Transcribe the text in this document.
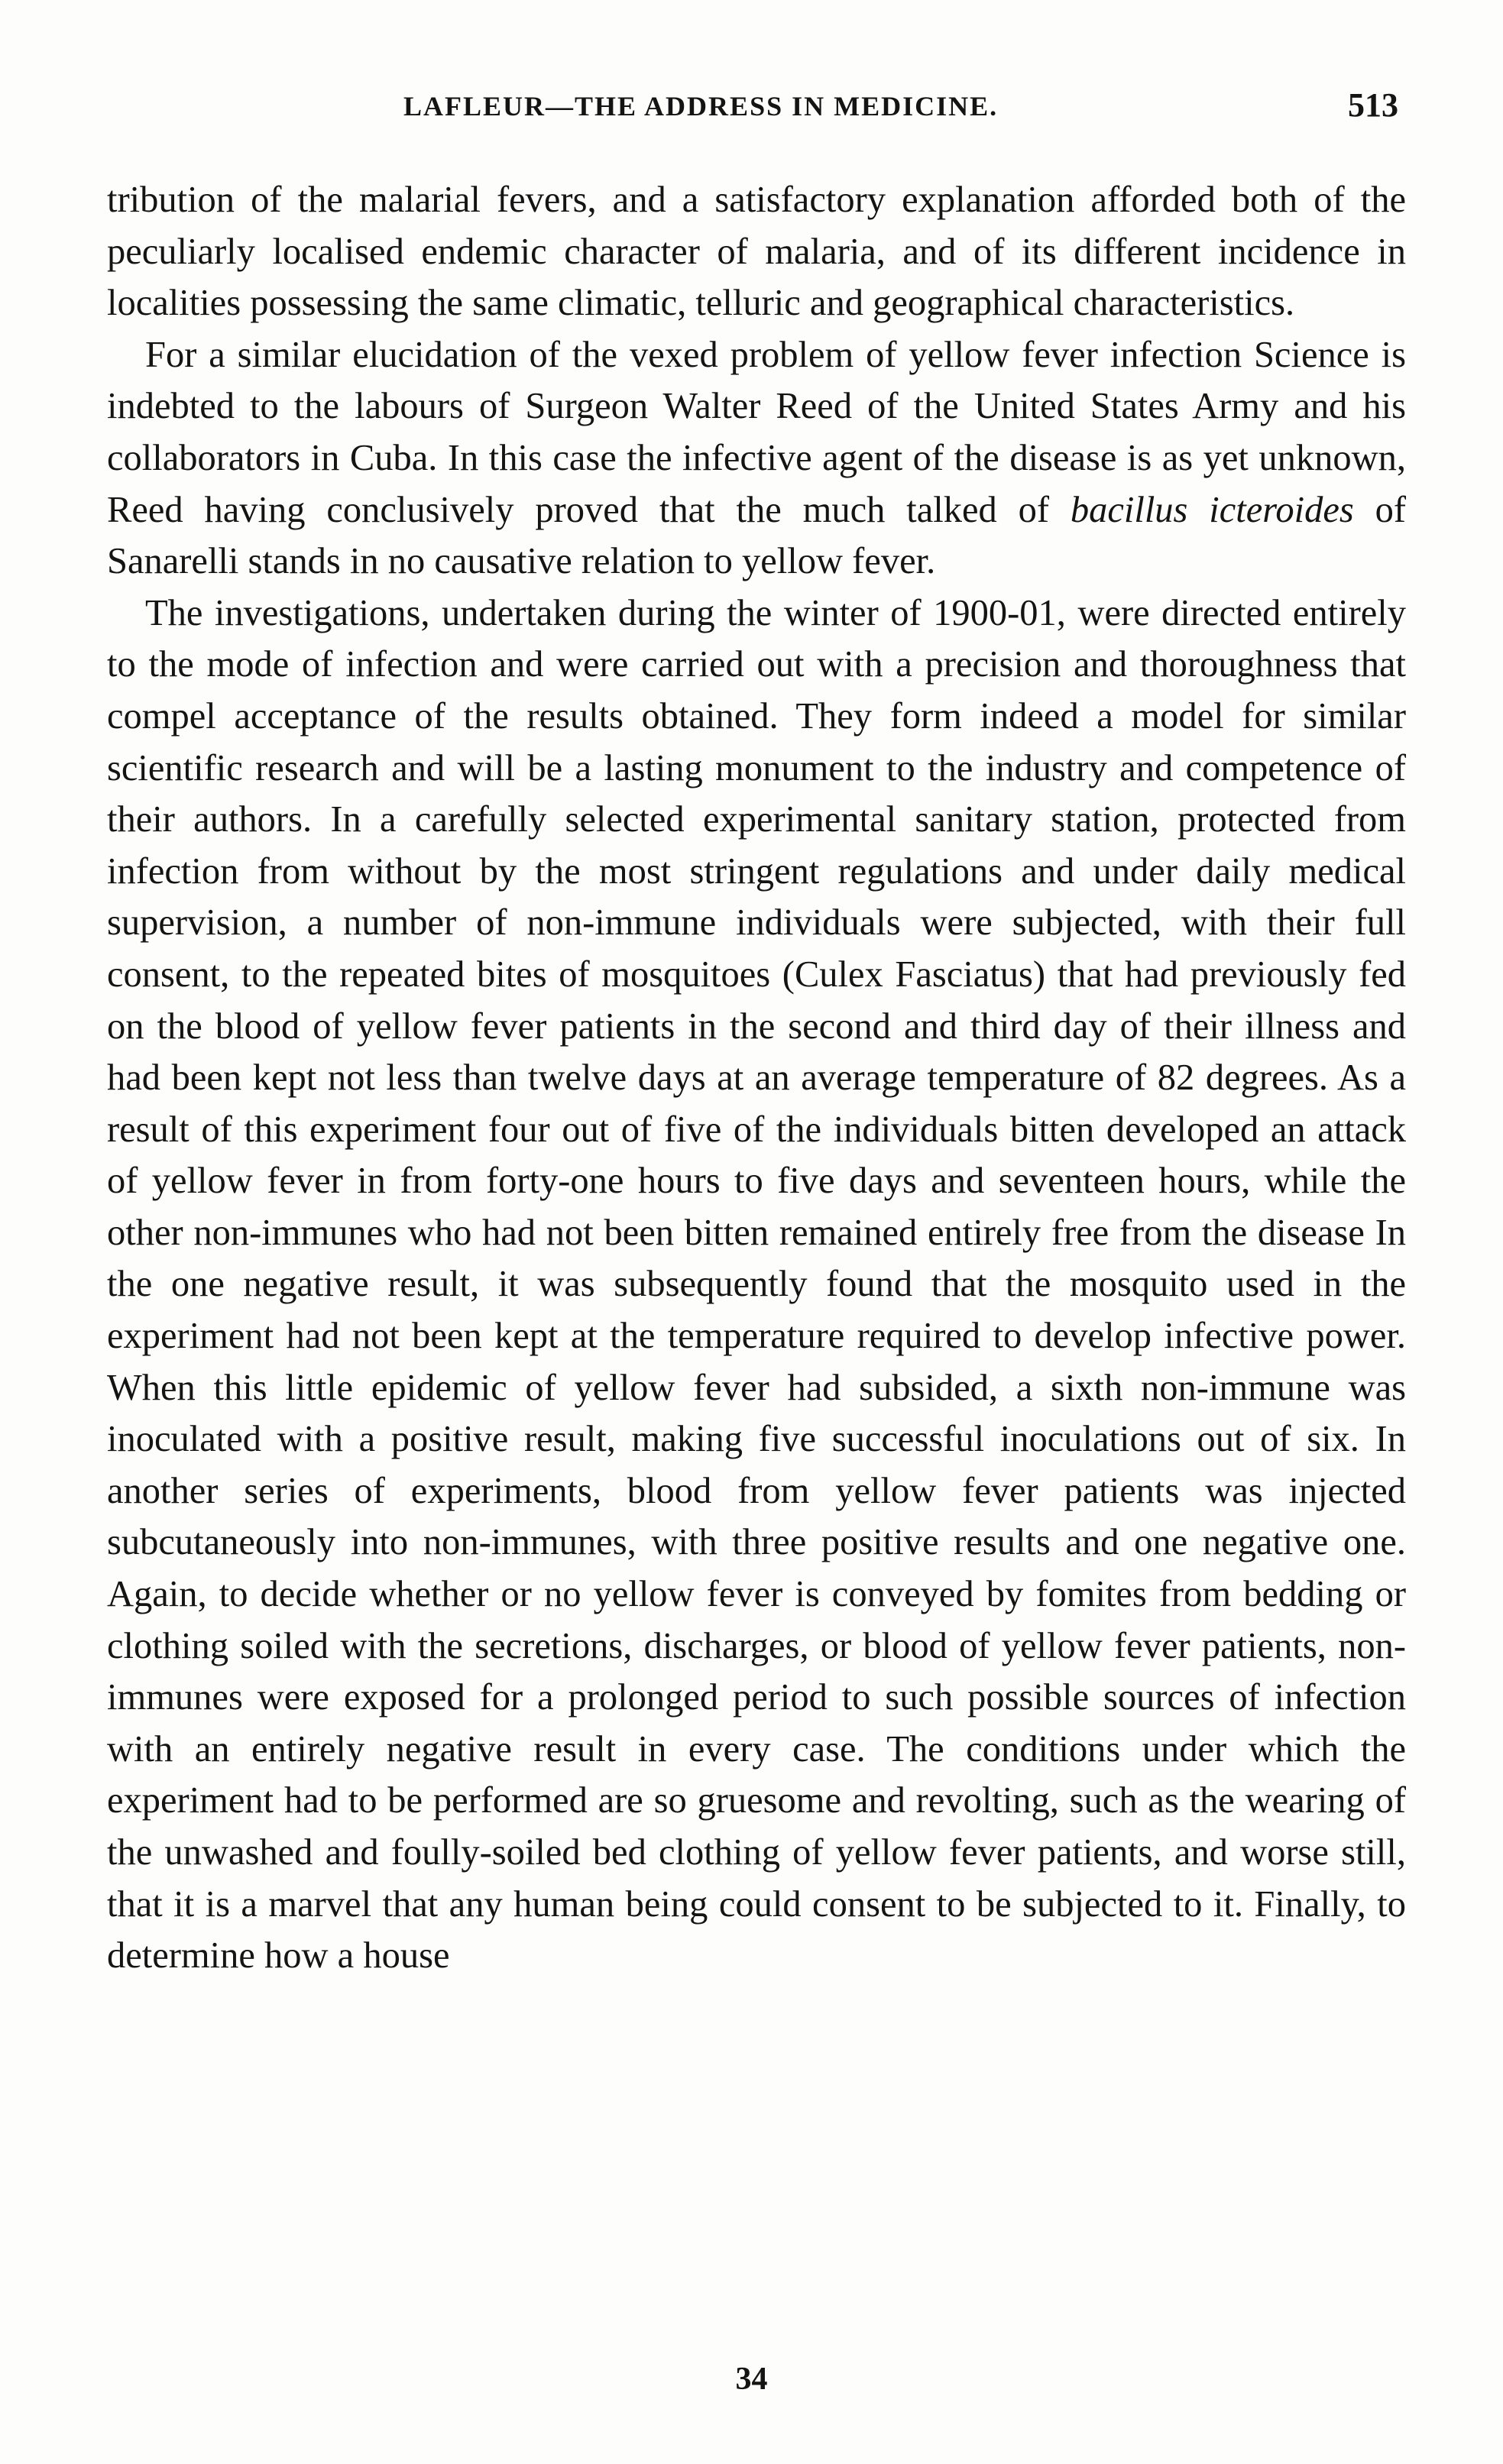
LAFLEUR—THE ADDRESS IN MEDICINE.	513

tribution of the malarial fevers, and a satisfactory explanation afforded both of the peculiarly localised endemic character of malaria, and of its different incidence in localities possessing the same climatic, telluric and geographical characteristics.

For a similar elucidation of the vexed problem of yellow fever infection Science is indebted to the labours of Surgeon Walter Reed of the United States Army and his collaborators in Cuba. In this case the infective agent of the disease is as yet unknown, Reed having conclusively proved that the much talked of bacillus icteroides of Sanarelli stands in no causative relation to yellow fever.

The investigations, undertaken during the winter of 1900-01, were directed entirely to the mode of infection and were carried out with a precision and thoroughness that compel acceptance of the results obtained. They form indeed a model for similar scientific research and will be a lasting monument to the industry and competence of their authors. In a carefully selected experimental sanitary station, protected from infection from without by the most stringent regulations and under daily medical supervision, a number of non-immune individuals were subjected, with their full consent, to the repeated bites of mosquitoes (Culex Fasciatus) that had previously fed on the blood of yellow fever patients in the second and third day of their illness and had been kept not less than twelve days at an average temperature of 82 degrees. As a result of this experiment four out of five of the individuals bitten developed an attack of yellow fever in from forty-one hours to five days and seventeen hours, while the other non-immunes who had not been bitten remained entirely free from the disease In the one negative result, it was subsequently found that the mosquito used in the experiment had not been kept at the temperature required to develop infective power. When this little epidemic of yellow fever had subsided, a sixth non-immune was inoculated with a positive result, making five successful inoculations out of six. In another series of experiments, blood from yellow fever patients was injected subcutaneously into non-immunes, with three positive results and one negative one. Again, to decide whether or no yellow fever is conveyed by fomites from bedding or clothing soiled with the secretions, discharges, or blood of yellow fever patients, non-immunes were exposed for a prolonged period to such possible sources of infection with an entirely negative result in every case. The conditions under which the experiment had to be performed are so gruesome and revolting, such as the wearing of the unwashed and foully-soiled bed clothing of yellow fever patients, and worse still, that it is a marvel that any human being could consent to be subjected to it. Finally, to determine how a house

34
